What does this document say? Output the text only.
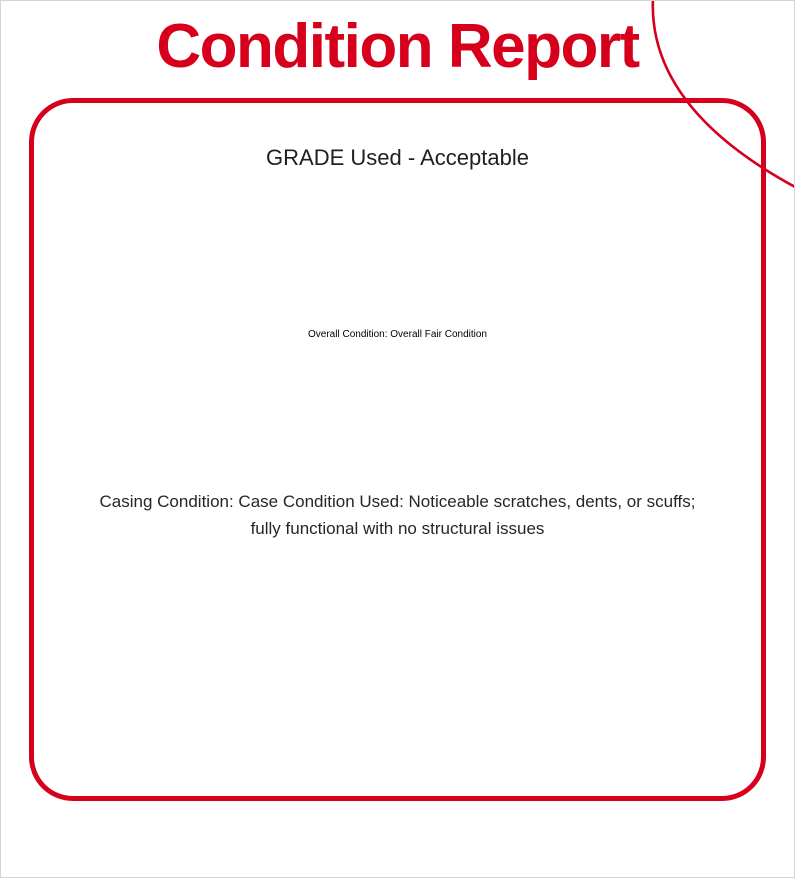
Condition Report
GRADE Used - Acceptable
Overall Condition: Overall Fair Condition
Casing Condition: Case Condition Used: Noticeable scratches, dents, or scuffs; fully functional with no structural issues
